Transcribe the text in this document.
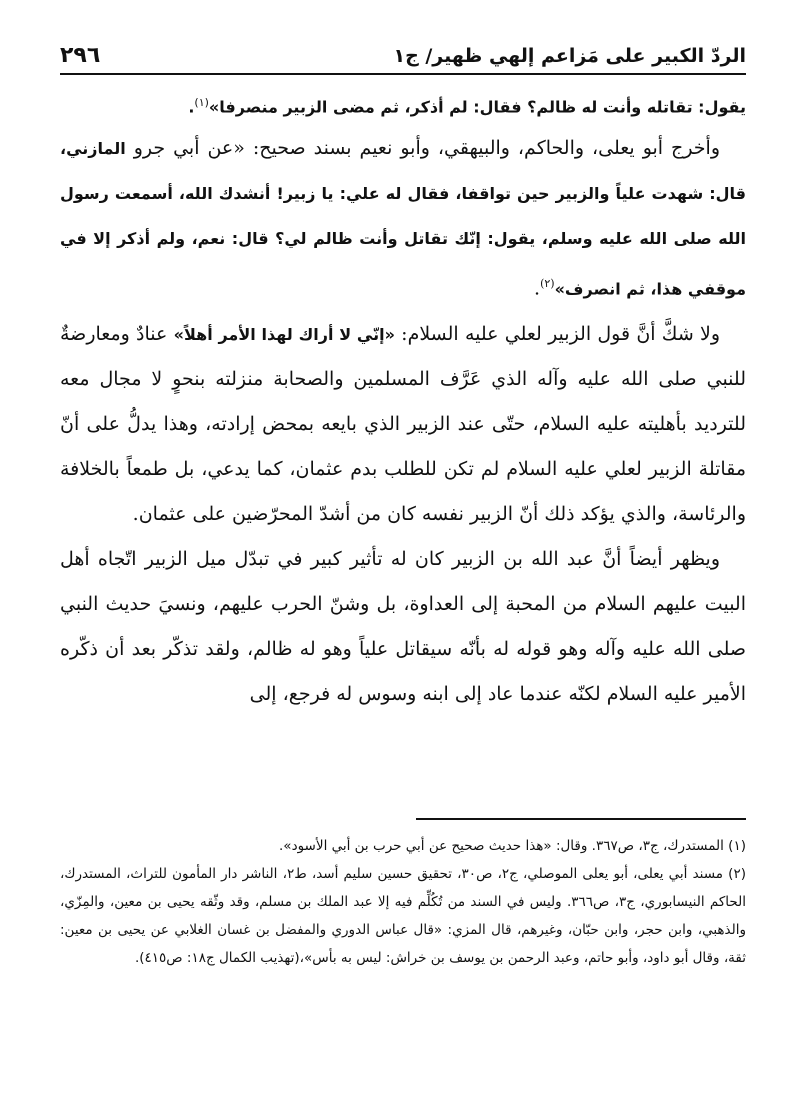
الردّ الكبير على مَزاعم إلهي ظهير/ ج١
٢٩٦

يقول: تقاتله وأنت له ظالم؟ فقال: لم أذكر، ثم مضى الزبير منصرفا»$^{(١)}$.

وأخرج أبو يعلى، والحاكم، والبيهقي، وأبو نعيم بسند صحيح: «عن أبي جرو المازني، قال: شهدت علياً والزبير حين تواقفا، فقال له علي: يا زبير! أنشدك الله، أسمعت رسول الله صلى الله عليه وسلم، يقول: إنّك تقاتل وأنت ظالم لي؟ قال: نعم، ولم أذكر إلا في موقفي هذا، ثم انصرف»$^{(٢)}$.

ولا شكَّ أنَّ قول الزبير لعلي عليه السلام: «إنّي لا أراك لهذا الأمر أهلاً» عنادٌ ومعارضةٌ للنبي صلى الله عليه وآله الذي عَرَّف المسلمين والصحابة منزلته بنحوٍ لا مجال معه للترديد بأهليته عليه السلام، حتّى عند الزبير الذي بايعه بمحض إرادته، وهذا يدلُّ على أنّ مقاتلة الزبير لعلي عليه السلام لم تكن للطلب بدم عثمان، كما يدعي، بل طمعاً بالخلافة والرئاسة، والذي يؤكد ذلك أنّ الزبير نفسه كان من أشدّ المحرّضين على عثمان.

ويظهر أيضاً أنَّ عبد الله بن الزبير كان له تأثير كبير في تبدّل ميل الزبير اتّجاه أهل البيت عليهم السلام من المحبة إلى العداوة، بل وشنّ الحرب عليهم، ونسيَ حديث النبي صلى الله عليه وآله وهو قوله له بأنّه سيقاتل علياً وهو له ظالم، ولقد تذكّر بعد أن ذكّره الأمير عليه السلام لكنّه عندما عاد إلى ابنه وسوس له فرجع، إلى

(١) المستدرك، ج٣، ص٣٦٧. وقال: «هذا حديث صحيح عن أبي حرب بن أبي الأسود».

(٢) مسند أبي يعلى، أبو يعلى الموصلي، ج٢، ص٣٠، تحقيق حسين سليم أسد، ط٢، الناشر دار المأمون للتراث، المستدرك، الحاكم النيسابوري، ج٣، ص٣٦٦. وليس في السند من تُكُلِّم فيه إلا عبد الملك بن مسلم، وقد وثّقه يحيى بن معين، والمِزّي، والذهبي، وابن حجر، وابن حبّان، وغيرهم، قال المزي: «قال عباس الدوري والمفضل بن غسان الغلابي عن يحيى بن معين: ثقة، وقال أبو داود، وأبو حاتم، وعبد الرحمن بن يوسف بن خراش: ليس به بأس»،(تهذيب الكمال ج١٨: ص٤١٥).
